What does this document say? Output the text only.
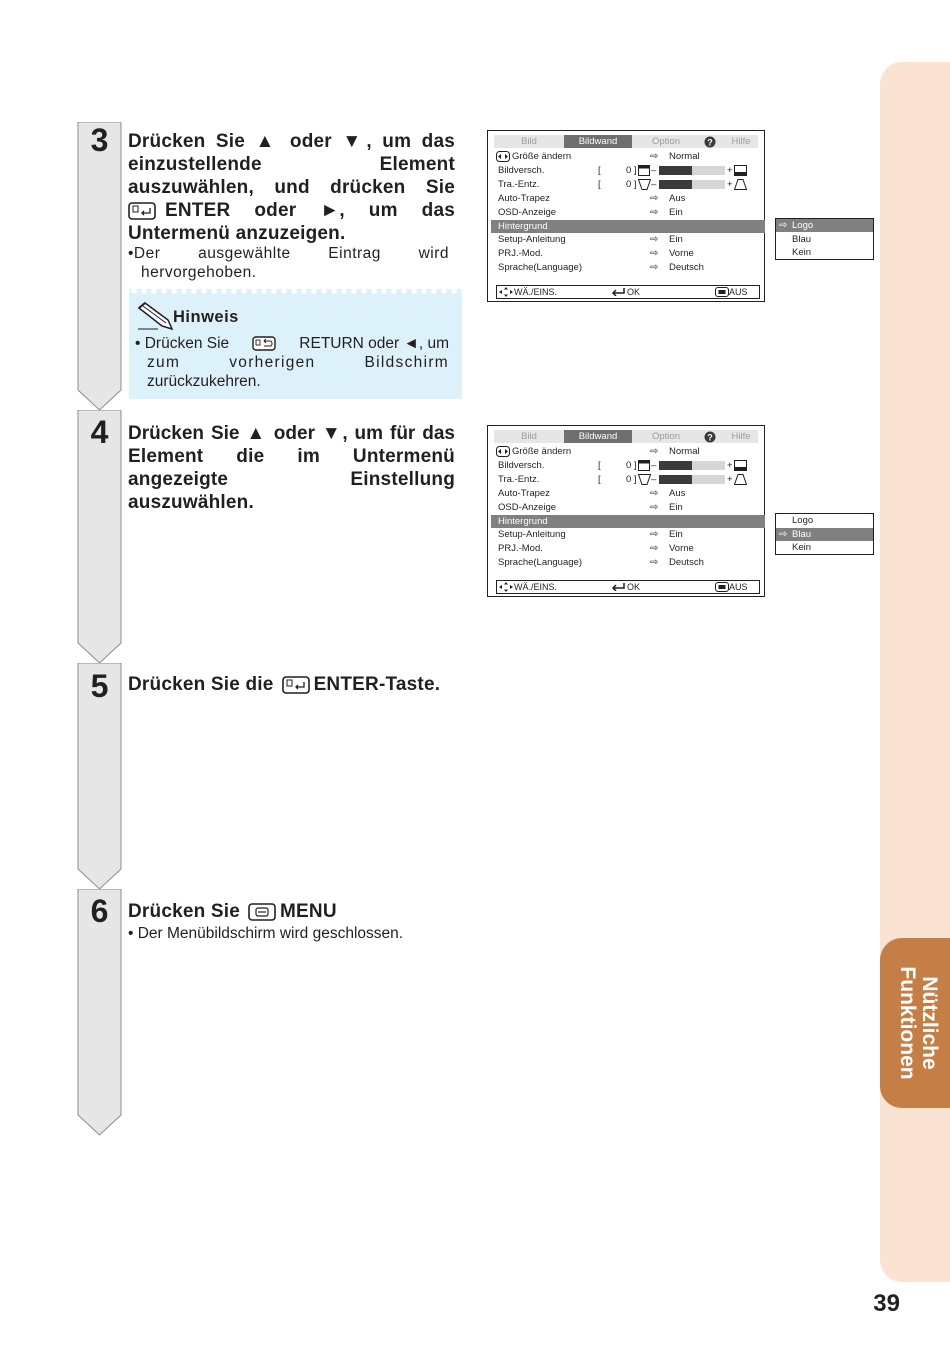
Nützliche
Funktionen
39
3
4
5
6
Drücken Sie ▲ oder ▼, um das
einzustellende Element
auszuwählen, und drücken Sie
ENTER oder ►, um das
Untermenü anzuzeigen.
•Der ausgewählte Eintrag wird
hervorgehoben.
Hinweis
• Drücken Sie	RETURN oder ◄, um
zum vorherigen Bildschirm
zurückzukehren.
Drücken Sie ▲ oder ▼, um für das
Element die im Untermenü
angezeigte Einstellung
auszuwählen.
Drücken Sie die ENTER-Taste.
Drücken Sie MENU
• Der Menübildschirm wird geschlossen.
Bild	Bildwand	Option	?	Hilfe
Größe ändern	⇨ Normal
Bildversch.	[	0 ] –	+
Tra.-Entz.	[	0 ] –	+
Auto-Trapez	⇨ Aus
OSD-Anzeige	⇨ Ein
Hintergrund
Setup-Anleitung	⇨ Ein
PRJ.-Mod.	⇨ Vorne
Sprache(Language)	⇨ Deutsch
WÄ./EINS.	OK	AUS
⇨ Logo
Blau
Kein
Bild	Bildwand	Option	?	Hilfe
Größe ändern	⇨ Normal
Bildversch.	[	0 ] –	+
Tra.-Entz.	[	0 ] –	+
Auto-Trapez	⇨ Aus
OSD-Anzeige	⇨ Ein
Hintergrund
Setup-Anleitung	⇨ Ein
PRJ.-Mod.	⇨ Vorne
Sprache(Language)	⇨ Deutsch
WÄ./EINS.	OK	AUS
Logo
⇨ Blau
Kein
